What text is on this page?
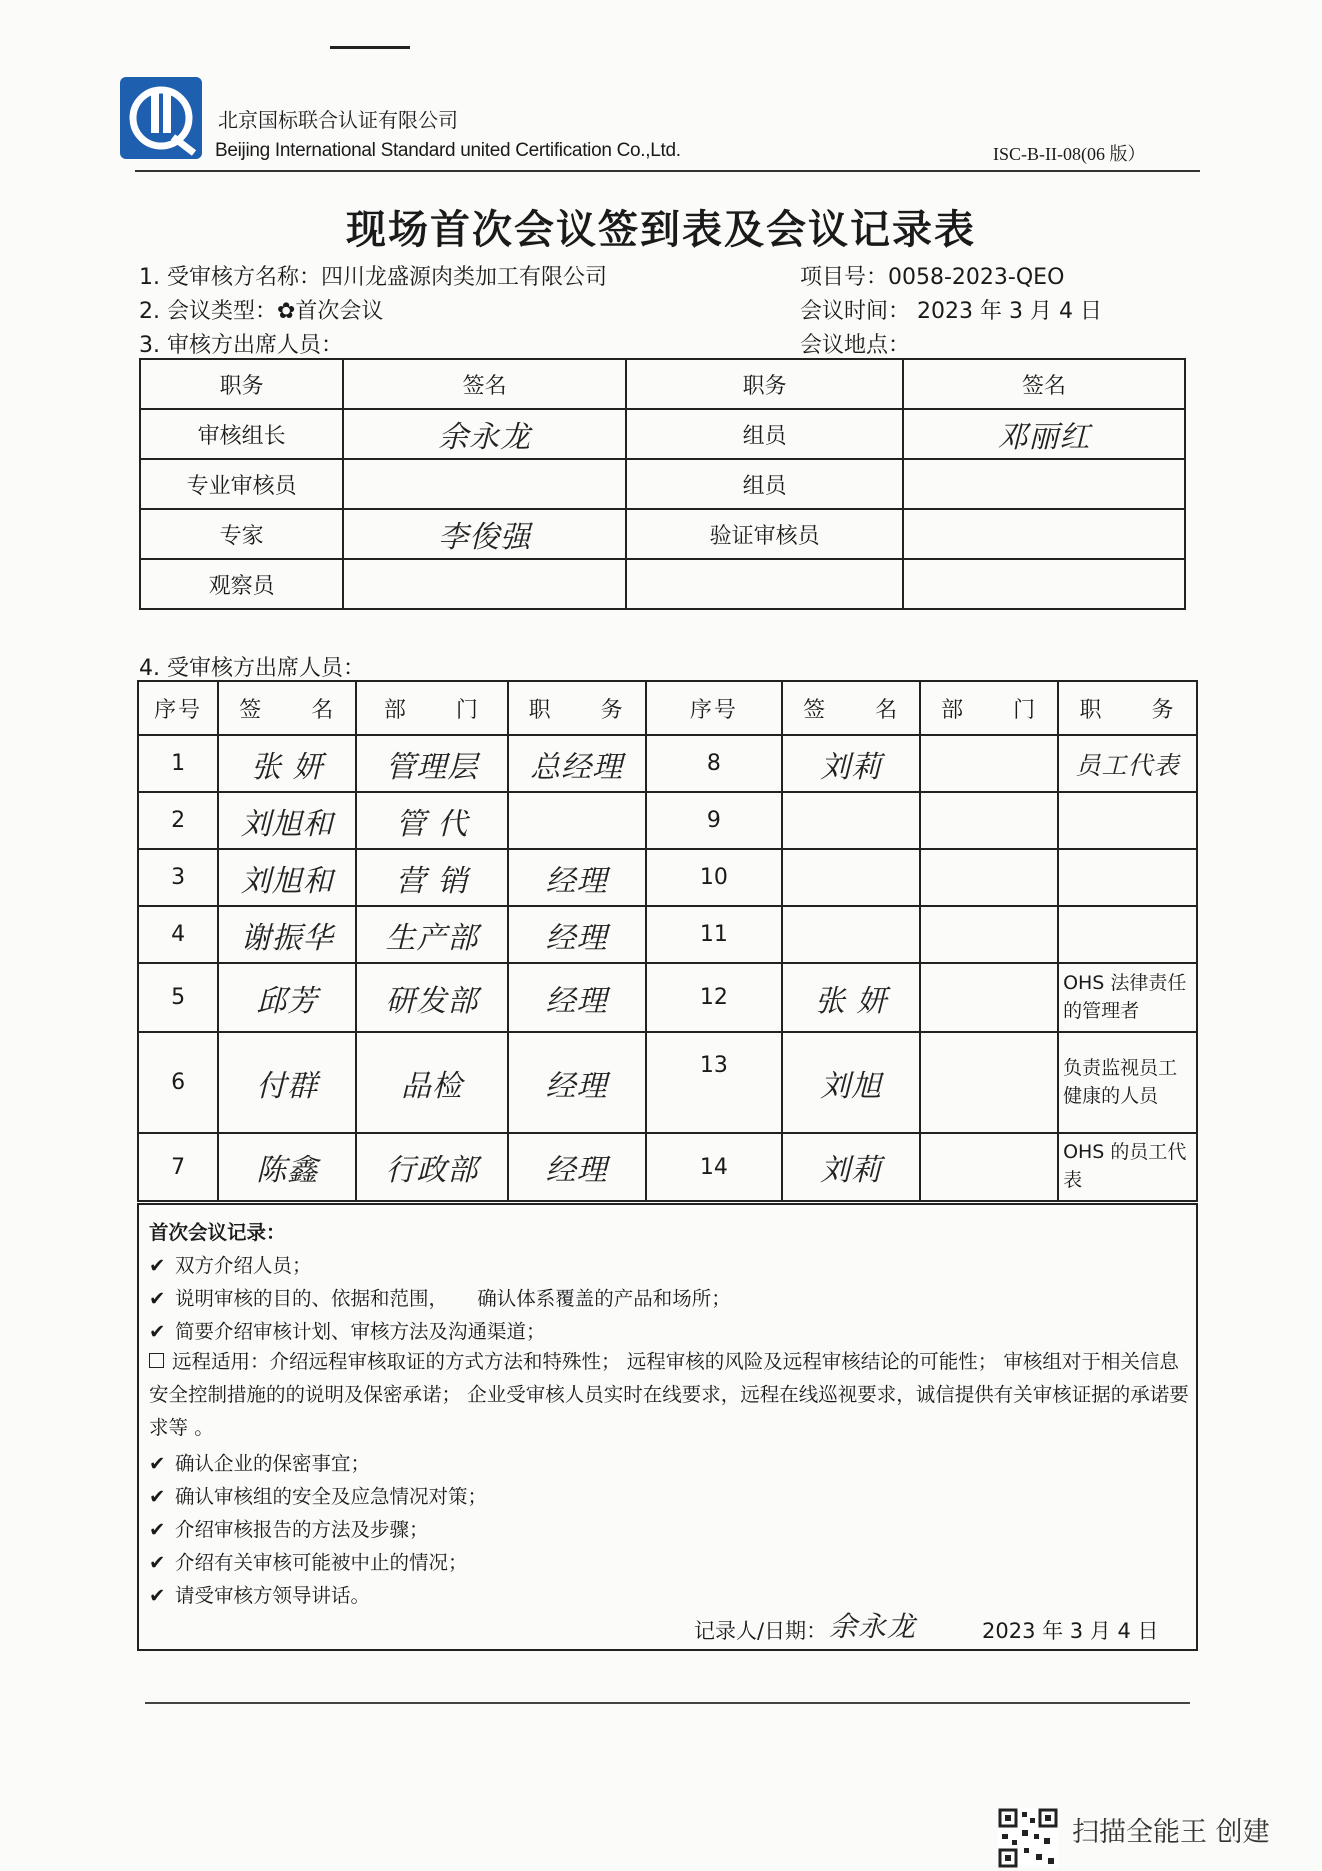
北京国标联合认证有限公司
Beijing International Standard united Certification Co.,Ltd.	ISC-B-II-08(06 版）
现场首次会议签到表及会议记录表
1. 受审核方名称：四川龙盛源肉类加工有限公司	项目号：0058-2023-QEO
2. 会议类型：✿首次会议	会议时间： 2023 年 3 月 4 日
3. 审核方出席人员：	会议地点：
职务	签名	职务	签名
审核组长	余永龙	组员	邓丽红
专业审核员		组员	
专家	李俊强	验证审核员	
观察员			
4. 受审核方出席人员：
序号	签　　名	部　　门	职　　务	序号	签　　名	部　　门	职　　务
1	张 妍	管理层	总经理	8	刘莉		员工代表
2	刘旭和	管 代		9			
3	刘旭和	营 销	经理	10			
4	谢振华	生产部	经理	11			
5	邱芳	研发部	经理	12	张 妍		OHS 法律责任的管理者
6	付群	品检	经理	13	刘旭		负责监视员工健康的人员
7	陈鑫	行政部	经理	14	刘莉		OHS 的员工代表
首次会议记录：
✔ 双方介绍人员；
✔ 说明审核的目的、依据和范围，　　确认体系覆盖的产品和场所；
✔ 简要介绍审核计划、审核方法及沟通渠道；
远程适用：介绍远程审核取证的方式方法和特殊性； 远程审核的风险及远程审核结论的可能性； 审核组对于相关信息安全控制措施的的说明及保密承诺； 企业受审核人员实时在线要求，远程在线巡视要求，诚信提供有关审核证据的承诺要求等 。
✔ 确认企业的保密事宜；
✔ 确认审核组的安全及应急情况对策；
✔ 介绍审核报告的方法及步骤；
✔ 介绍有关审核可能被中止的情况；
✔ 请受审核方领导讲话。
记录人/日期： 余永龙	2023 年 3 月 4 日
扫描全能王 创建
